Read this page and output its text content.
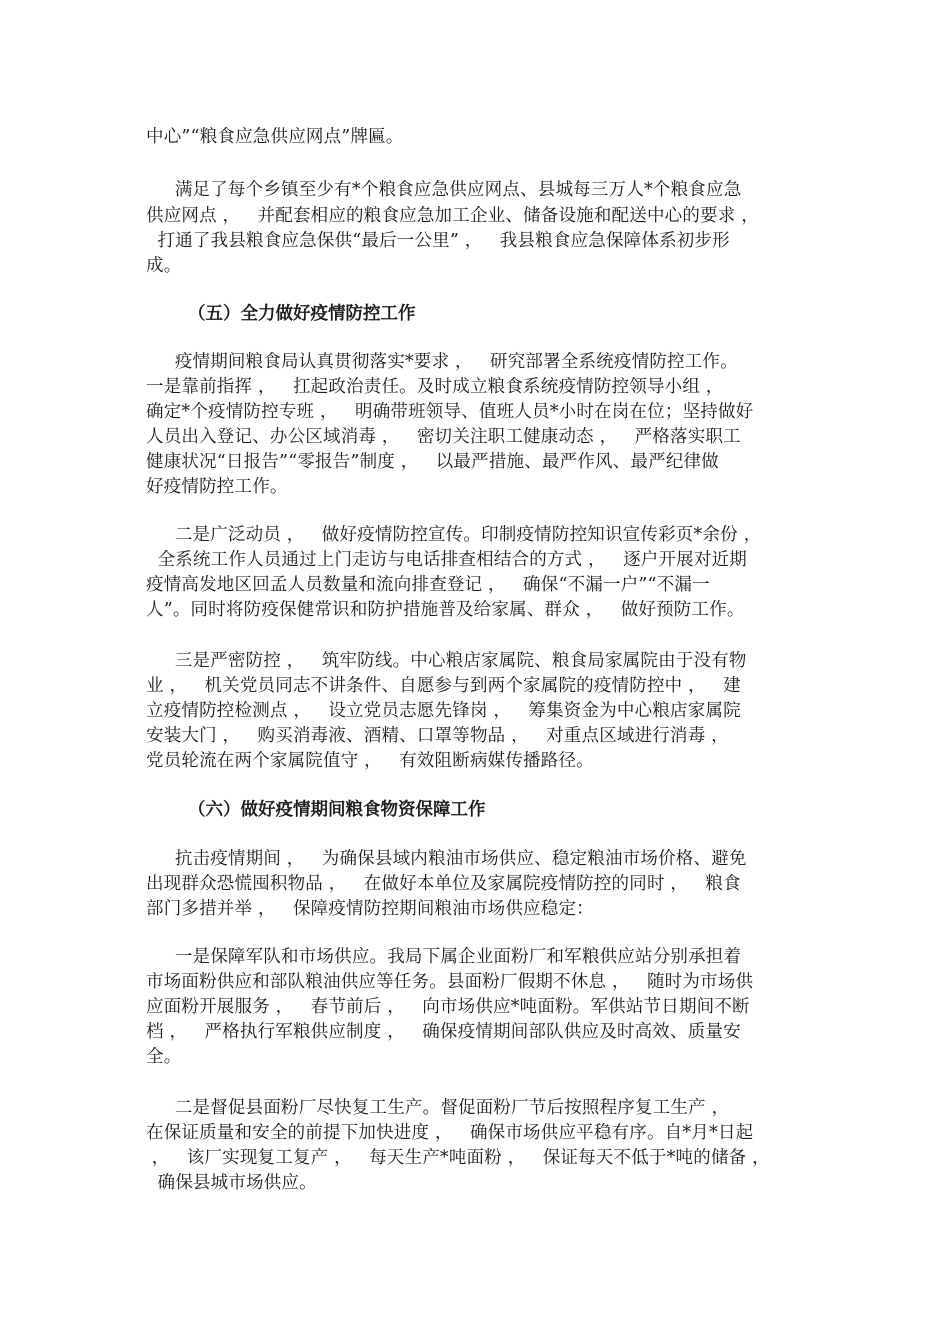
中心”“粮食应急供应网点”牌匾。
满足了每个乡镇至少有*个粮食应急供应网点、县城每三万人*个粮食应急
供应网点 ，   并配套相应的粮食应急加工企业、储备设施和配送中心的要求 ，
打通了我县粮食应急保供“最后一公里” ，   我县粮食应急保障体系初步形
成。
（五）全力做好疫情防控工作
疫情期间粮食局认真贯彻落实*要求 ，   研究部署全系统疫情防控工作。
一是靠前指挥 ，   扛起政治责任。及时成立粮食系统疫情防控领导小组 ，
确定*个疫情防控专班 ，   明确带班领导、值班人员*小时在岗在位；坚持做好
人员出入登记、办公区域消毒 ，   密切关注职工健康动态 ，   严格落实职工
健康状况“日报告”“零报告”制度 ，   以最严措施、最严作风、最严纪律做
好疫情防控工作。
二是广泛动员 ，   做好疫情防控宣传。印制疫情防控知识宣传彩页*余份 ，
全系统工作人员通过上门走访与电话排查相结合的方式 ，   逐户开展对近期
疫情高发地区回孟人员数量和流向排查登记 ，   确保“不漏一户”“不漏一
人”。同时将防疫保健常识和防护措施普及给家属、群众 ，   做好预防工作。
三是严密防控 ，   筑牢防线。中心粮店家属院、粮食局家属院由于没有物
业 ，   机关党员同志不讲条件、自愿参与到两个家属院的疫情防控中 ，   建
立疫情防控检测点 ，   设立党员志愿先锋岗 ，   筹集资金为中心粮店家属院
安装大门 ，   购买消毒液、酒精、口罩等物品 ，   对重点区域进行消毒 ，
党员轮流在两个家属院值守 ，   有效阻断病媒传播路径。
（六）做好疫情期间粮食物资保障工作
抗击疫情期间 ，   为确保县域内粮油市场供应、稳定粮油市场价格、避免
出现群众恐慌囤积物品 ，   在做好本单位及家属院疫情防控的同时 ，   粮食
部门多措并举 ，   保障疫情防控期间粮油市场供应稳定：
一是保障军队和市场供应。我局下属企业面粉厂和军粮供应站分别承担着
市场面粉供应和部队粮油供应等任务。县面粉厂假期不休息 ，   随时为市场供
应面粉开展服务 ，   春节前后 ，   向市场供应*吨面粉。军供站节日期间不断
档 ，   严格执行军粮供应制度 ，   确保疫情期间部队供应及时高效、质量安
全。
二是督促县面粉厂尽快复工生产。督促面粉厂节后按照程序复工生产 ，
在保证质量和安全的前提下加快进度 ，   确保市场供应平稳有序。自*月*日起
，   该厂实现复工复产 ，   每天生产*吨面粉 ，   保证每天不低于*吨的储备 ，
确保县城市场供应。
